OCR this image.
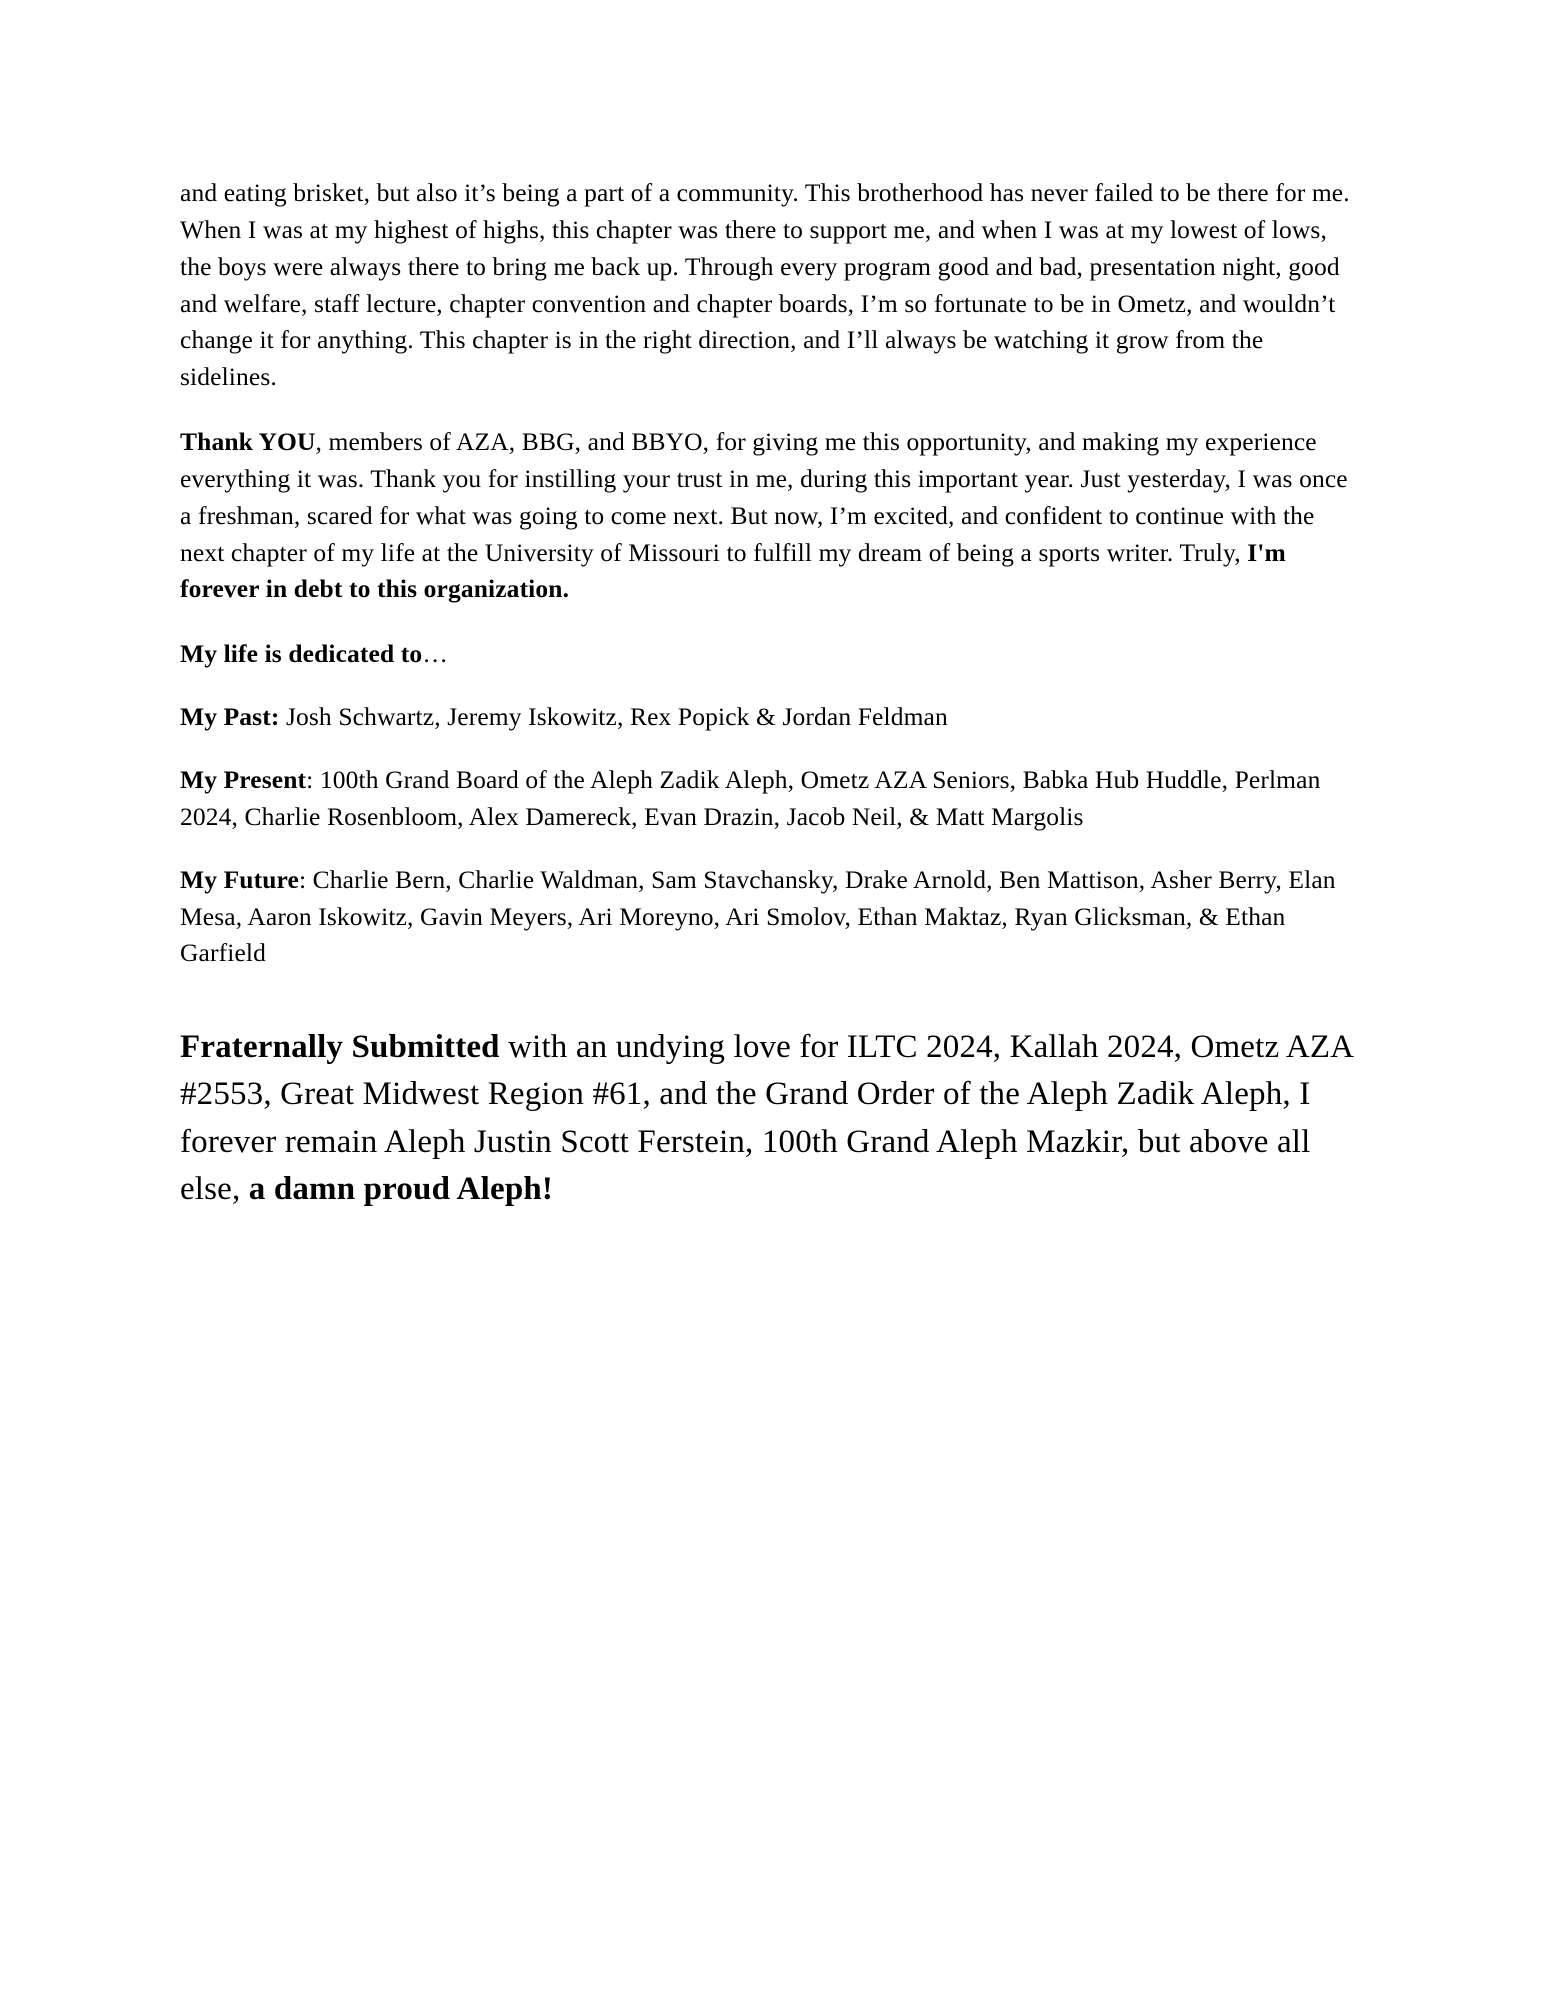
and eating brisket, but also it’s being a part of a community. This brotherhood has never failed to be there for me. When I was at my highest of highs, this chapter was there to support me, and when I was at my lowest of lows, the boys were always there to bring me back up. Through every program good and bad, presentation night, good and welfare, staff lecture, chapter convention and chapter boards, I’m so fortunate to be in Ometz, and wouldn’t change it for anything. This chapter is in the right direction, and I’ll always be watching it grow from the sidelines.

Thank YOU, members of AZA, BBG, and BBYO, for giving me this opportunity, and making my experience everything it was. Thank you for instilling your trust in me, during this important year. Just yesterday, I was once a freshman, scared for what was going to come next. But now, I’m excited, and confident to continue with the next chapter of my life at the University of Missouri to fulfill my dream of being a sports writer. Truly, I'm forever in debt to this organization.

My life is dedicated to…

My Past: Josh Schwartz, Jeremy Iskowitz, Rex Popick & Jordan Feldman

My Present: 100th Grand Board of the Aleph Zadik Aleph, Ometz AZA Seniors, Babka Hub Huddle, Perlman 2024, Charlie Rosenbloom, Alex Damereck, Evan Drazin, Jacob Neil, & Matt Margolis

My Future: Charlie Bern, Charlie Waldman, Sam Stavchansky, Drake Arnold, Ben Mattison, Asher Berry, Elan Mesa, Aaron Iskowitz, Gavin Meyers, Ari Moreyno, Ari Smolov, Ethan Maktaz, Ryan Glicksman, & Ethan Garfield

Fraternally Submitted with an undying love for ILTC 2024, Kallah 2024, Ometz AZA #2553, Great Midwest Region #61, and the Grand Order of the Aleph Zadik Aleph, I forever remain Aleph Justin Scott Ferstein, 100th Grand Aleph Mazkir, but above all else, a damn proud Aleph!
